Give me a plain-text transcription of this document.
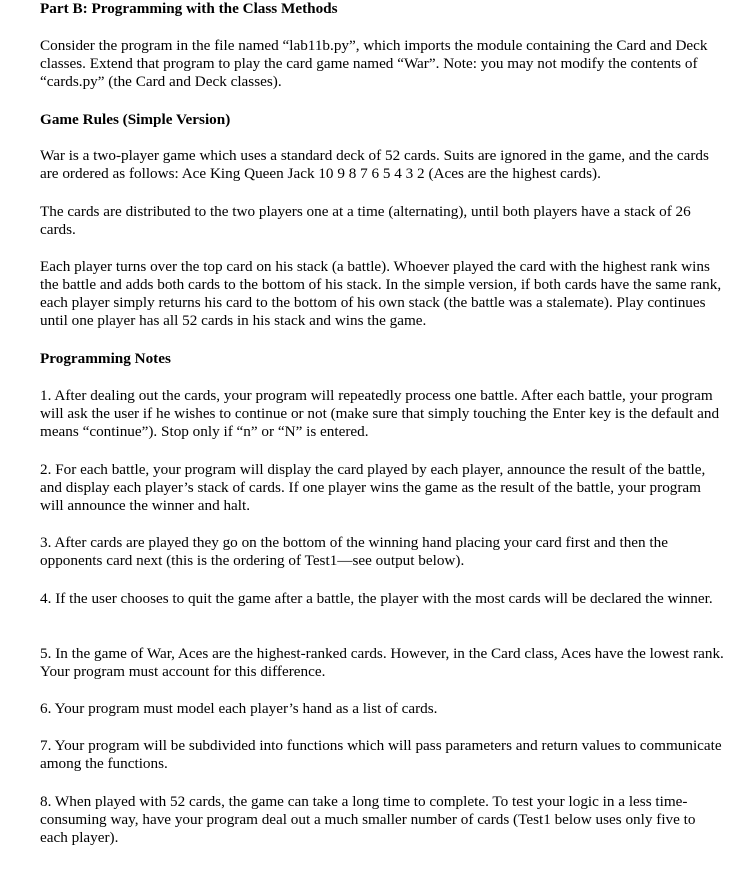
Part B: Programming with the Class Methods

Consider the program in the file named “lab11b.py”, which imports the module containing the Card and Deck classes. Extend that program to play the card game named “War”. Note: you may not modify the contents of “cards.py” (the Card and Deck classes).

Game Rules (Simple Version)

War is a two-player game which uses a standard deck of 52 cards. Suits are ignored in the game, and the cards are ordered as follows: Ace King Queen Jack 10 9 8 7 6 5 4 3 2 (Aces are the highest cards).

The cards are distributed to the two players one at a time (alternating), until both players have a stack of 26 cards.

Each player turns over the top card on his stack (a battle). Whoever played the card with the highest rank wins the battle and adds both cards to the bottom of his stack. In the simple version, if both cards have the same rank, each player simply returns his card to the bottom of his own stack (the battle was a stalemate). Play continues until one player has all 52 cards in his stack and wins the game.

Programming Notes

1. After dealing out the cards, your program will repeatedly process one battle. After each battle, your program will ask the user if he wishes to continue or not (make sure that simply touching the Enter key is the default and means “continue”). Stop only if “n” or “N” is entered.

2. For each battle, your program will display the card played by each player, announce the result of the battle, and display each player’s stack of cards. If one player wins the game as the result of the battle, your program will announce the winner and halt.

3. After cards are played they go on the bottom of the winning hand placing your card first and then the opponents card next (this is the ordering of Test1—see output below).

4. If the user chooses to quit the game after a battle, the player with the most cards will be declared the winner.

5. In the game of War, Aces are the highest-ranked cards. However, in the Card class, Aces have the lowest rank. Your program must account for this difference.

6. Your program must model each player’s hand as a list of cards.

7. Your program will be subdivided into functions which will pass parameters and return values to communicate among the functions.

8. When played with 52 cards, the game can take a long time to complete. To test your logic in a less time-consuming way, have your program deal out a much smaller number of cards (Test1 below uses only five to each player).
